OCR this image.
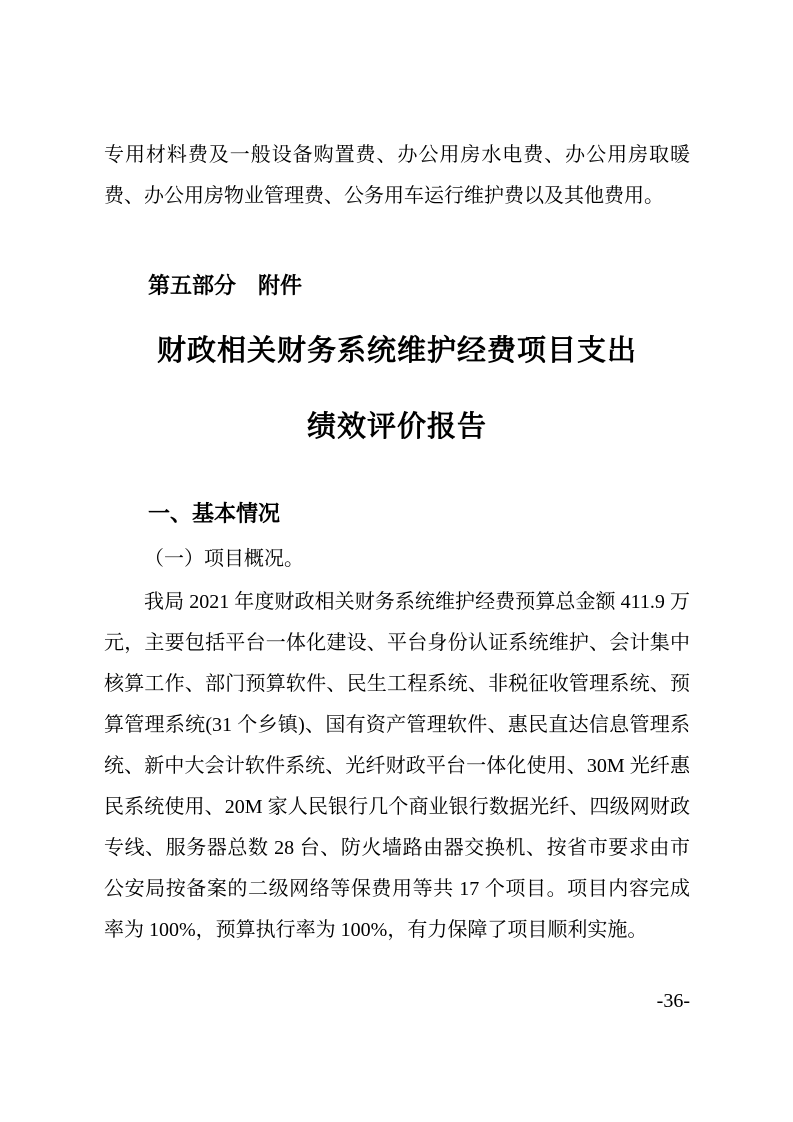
专用材料费及一般设备购置费、办公用房水电费、办公用房取暖费、办公用房物业管理费、公务用车运行维护费以及其他费用。

第五部分　附件
财政相关财务系统维护经费项目支出
绩效评价报告
一、基本情况

（一）项目概况。

我局 2021 年度财政相关财务系统维护经费预算总金额 411.9 万元，主要包括平台一体化建设、平台身份认证系统维护、会计集中核算工作、部门预算软件、民生工程系统、非税征收管理系统、预算管理系统(31 个乡镇)、国有资产管理软件、惠民直达信息管理系统、新中大会计软件系统、光纤财政平台一体化使用、30M 光纤惠民系统使用、20M 家人民银行几个商业银行数据光纤、四级网财政专线、服务器总数 28 台、防火墙路由器交换机、按省市要求由市公安局按备案的二级网络等保费用等共 17 个项目。项目内容完成率为 100%，预算执行率为 100%，有力保障了项目顺利实施。

-36-
